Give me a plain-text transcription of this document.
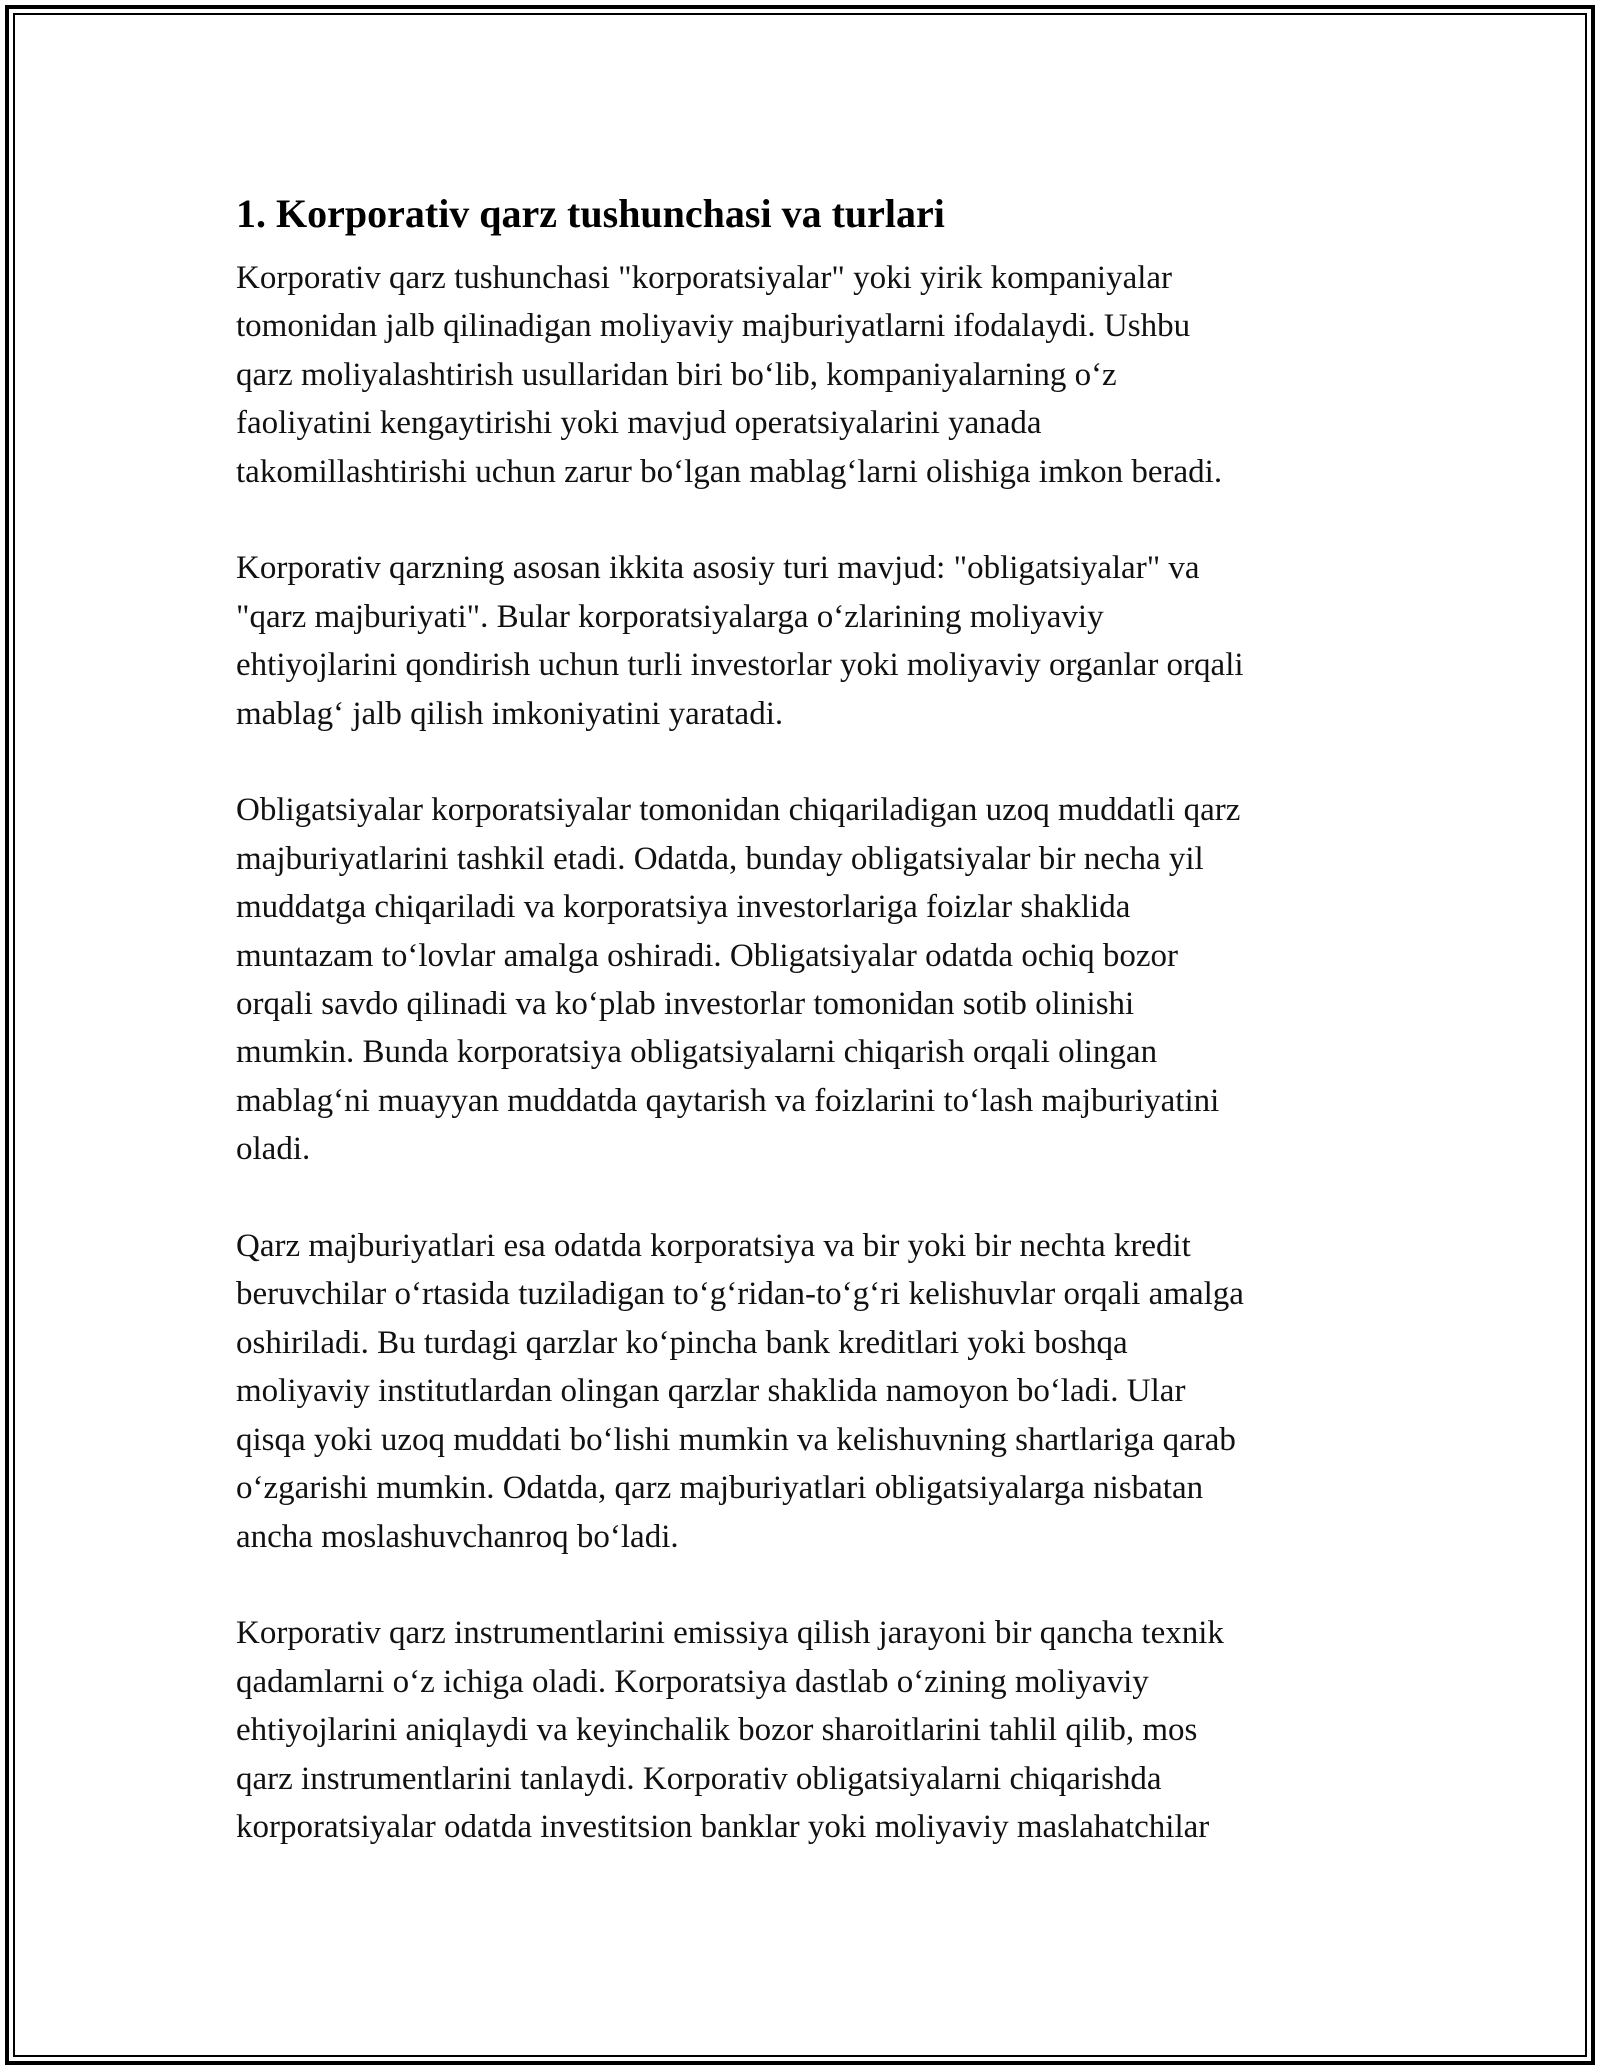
1. Korporativ qarz tushunchasi va turlari

Korporativ qarz tushunchasi "korporatsiyalar" yoki yirik kompaniyalar
tomonidan jalb qilinadigan moliyaviy majburiyatlarni ifodalaydi. Ushbu
qarz moliyalashtirish usullaridan biri bo‘lib, kompaniyalarning o‘z
faoliyatini kengaytirishi yoki mavjud operatsiyalarini yanada
takomillashtirishi uchun zarur bo‘lgan mablag‘larni olishiga imkon beradi.

Korporativ qarzning asosan ikkita asosiy turi mavjud: "obligatsiyalar" va
"qarz majburiyati". Bular korporatsiyalarga o‘zlarining moliyaviy
ehtiyojlarini qondirish uchun turli investorlar yoki moliyaviy organlar orqali
mablag‘ jalb qilish imkoniyatini yaratadi.

Obligatsiyalar korporatsiyalar tomonidan chiqariladigan uzoq muddatli qarz
majburiyatlarini tashkil etadi. Odatda, bunday obligatsiyalar bir necha yil
muddatga chiqariladi va korporatsiya investorlariga foizlar shaklida
muntazam to‘lovlar amalga oshiradi. Obligatsiyalar odatda ochiq bozor
orqali savdo qilinadi va ko‘plab investorlar tomonidan sotib olinishi
mumkin. Bunda korporatsiya obligatsiyalarni chiqarish orqali olingan
mablag‘ni muayyan muddatda qaytarish va foizlarini to‘lash majburiyatini
oladi.

Qarz majburiyatlari esa odatda korporatsiya va bir yoki bir nechta kredit
beruvchilar o‘rtasida tuziladigan to‘g‘ridan-to‘g‘ri kelishuvlar orqali amalga
oshiriladi. Bu turdagi qarzlar ko‘pincha bank kreditlari yoki boshqa
moliyaviy institutlardan olingan qarzlar shaklida namoyon bo‘ladi. Ular
qisqa yoki uzoq muddati bo‘lishi mumkin va kelishuvning shartlariga qarab
o‘zgarishi mumkin. Odatda, qarz majburiyatlari obligatsiyalarga nisbatan
ancha moslashuvchanroq bo‘ladi.

Korporativ qarz instrumentlarini emissiya qilish jarayoni bir qancha texnik
qadamlarni o‘z ichiga oladi. Korporatsiya dastlab o‘zining moliyaviy
ehtiyojlarini aniqlaydi va keyinchalik bozor sharoitlarini tahlil qilib, mos
qarz instrumentlarini tanlaydi. Korporativ obligatsiyalarni chiqarishda
korporatsiyalar odatda investitsion banklar yoki moliyaviy maslahatchilar
